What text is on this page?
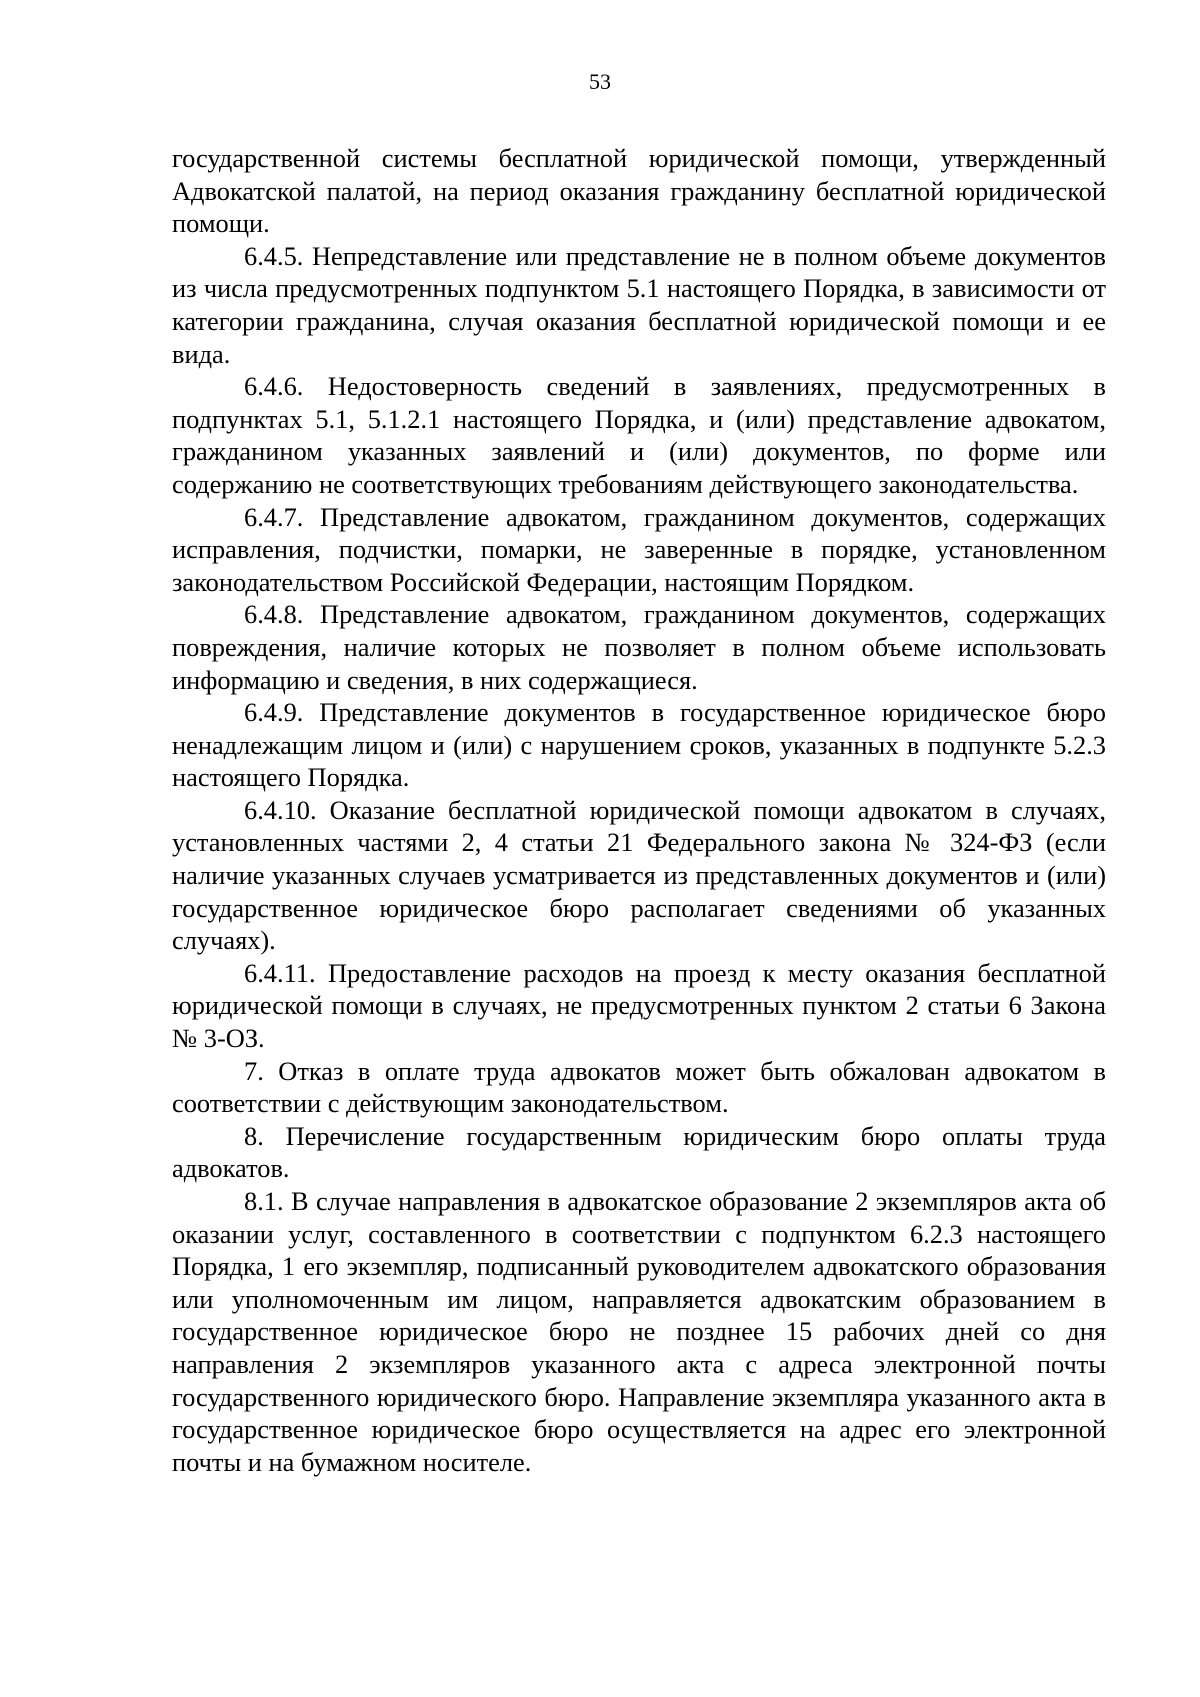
53

государственной системы бесплатной юридической помощи, утвержденный Адвокатской палатой, на период оказания гражданину бесплатной юридической помощи.

6.4.5. Непредставление или представление не в полном объеме документов из числа предусмотренных подпунктом 5.1 настоящего Порядка, в зависимости от категории гражданина, случая оказания бесплатной юридической помощи и ее вида.

6.4.6. Недостоверность сведений в заявлениях, предусмотренных в подпунктах 5.1, 5.1.2.1 настоящего Порядка, и (или) представление адвокатом, гражданином указанных заявлений и (или) документов, по форме или содержанию не соответствующих требованиям действующего законодательства.

6.4.7. Представление адвокатом, гражданином документов, содержащих исправления, подчистки, помарки, не заверенные в порядке, установленном законодательством Российской Федерации, настоящим Порядком.

6.4.8. Представление адвокатом, гражданином документов, содержащих повреждения, наличие которых не позволяет в полном объеме использовать информацию и сведения, в них содержащиеся.

6.4.9. Представление документов в государственное юридическое бюро ненадлежащим лицом и (или) с нарушением сроков, указанных в подпункте 5.2.3 настоящего Порядка.

6.4.10. Оказание бесплатной юридической помощи адвокатом в случаях, установленных частями 2, 4 статьи 21 Федерального закона № 324-ФЗ (если наличие указанных случаев усматривается из представленных документов и (или) государственное юридическое бюро располагает сведениями об указанных случаях).

6.4.11. Предоставление расходов на проезд к месту оказания бесплатной юридической помощи в случаях, не предусмотренных пунктом 2 статьи 6 Закона № 3-ОЗ.

7. Отказ в оплате труда адвокатов может быть обжалован адвокатом в соответствии с действующим законодательством.

8. Перечисление государственным юридическим бюро оплаты труда адвокатов.

8.1. В случае направления в адвокатское образование 2 экземпляров акта об оказании услуг, составленного в соответствии с подпунктом 6.2.3 настоящего Порядка, 1 его экземпляр, подписанный руководителем адвокатского образования или уполномоченным им лицом, направляется адвокатским образованием в государственное юридическое бюро не позднее 15 рабочих дней со дня направления 2 экземпляров указанного акта с адреса электронной почты государственного юридического бюро. Направление экземпляра указанного акта в государственное юридическое бюро осуществляется на адрес его электронной почты и на бумажном носителе.
